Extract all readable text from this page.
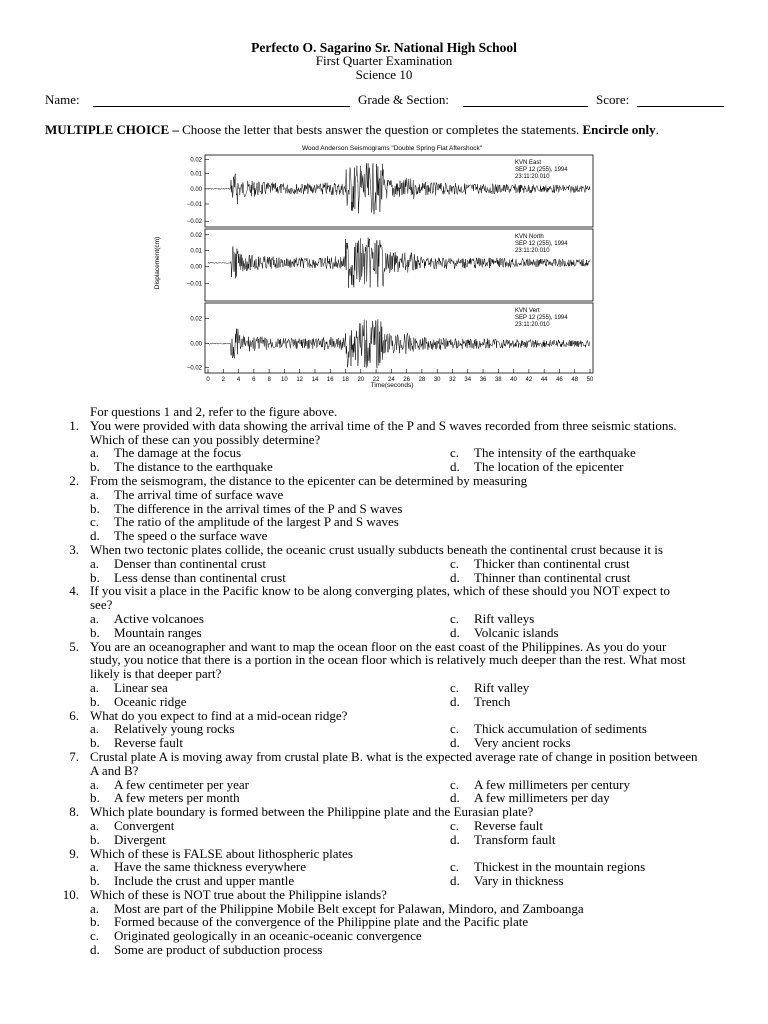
Perfecto O. Sagarino Sr. National High School
First Quarter Examination
Science 10
Name:	Grade & Section:	Score:
MULTIPLE CHOICE – Choose the letter that bests answer the question or completes the statements. Encircle only.
Wood Anderson Seismograms "Double Spring Flat Aftershock"
Displacement(cm)
Time(seconds)
0.02
0.01
0.00
−0.01
−0.02
KVN East
SEP 12 (255), 1994
23:11:20.010
0.02
0.01
0.00
−0.01
KVN North
SEP 12 (255), 1994
23:11:20.010
0.02
0.00
−0.02
KVN Vert
SEP 12 (255), 1994
23:11:20.010
0 2 4 6 8 10 12 14 16 18 20 22 24 26 28 30 32 34 36 38 40 42 44 46 48 50
For questions 1 and 2, refer to the figure above.
1. You were provided with data showing the arrival time of the P and S waves recorded from three seismic stations.
Which of these can you possibly determine?
a. The damage at the focus	c. The intensity of the earthquake
b. The distance to the earthquake	d. The location of the epicenter
2. From the seismogram, the distance to the epicenter can be determined by measuring
a. The arrival time of surface wave
b. The difference in the arrival times of the P and S waves
c. The ratio of the amplitude of the largest P and S waves
d. The speed o the surface wave
3. When two tectonic plates collide, the oceanic crust usually subducts beneath the continental crust because it is
a. Denser than continental crust	c. Thicker than continental crust
b. Less dense than continental crust	d. Thinner than continental crust
4. If you visit a place in the Pacific know to be along converging plates, which of these should you NOT expect to
see?
a. Active volcanoes	c. Rift valleys
b. Mountain ranges	d. Volcanic islands
5. You are an oceanographer and want to map the ocean floor on the east coast of the Philippines. As you do your
study, you notice that there is a portion in the ocean floor which is relatively much deeper than the rest. What most
likely is that deeper part?
a. Linear sea	c. Rift valley
b. Oceanic ridge	d. Trench
6. What do you expect to find at a mid-ocean ridge?
a. Relatively young rocks	c. Thick accumulation of sediments
b. Reverse fault	d. Very ancient rocks
7. Crustal plate A is moving away from crustal plate B. what is the expected average rate of change in position between
A and B?
a. A few centimeter per year	c. A few millimeters per century
b. A few meters per month	d. A few millimeters per day
8. Which plate boundary is formed between the Philippine plate and the Eurasian plate?
a. Convergent	c. Reverse fault
b. Divergent	d. Transform fault
9. Which of these is FALSE about lithospheric plates
a. Have the same thickness everywhere	c. Thickest in the mountain regions
b. Include the crust and upper mantle	d. Vary in thickness
10. Which of these is NOT true about the Philippine islands?
a. Most are part of the Philippine Mobile Belt except for Palawan, Mindoro, and Zamboanga
b. Formed because of the convergence of the Philippine plate and the Pacific plate
c. Originated geologically in an oceanic-oceanic convergence
d. Some are product of subduction process
